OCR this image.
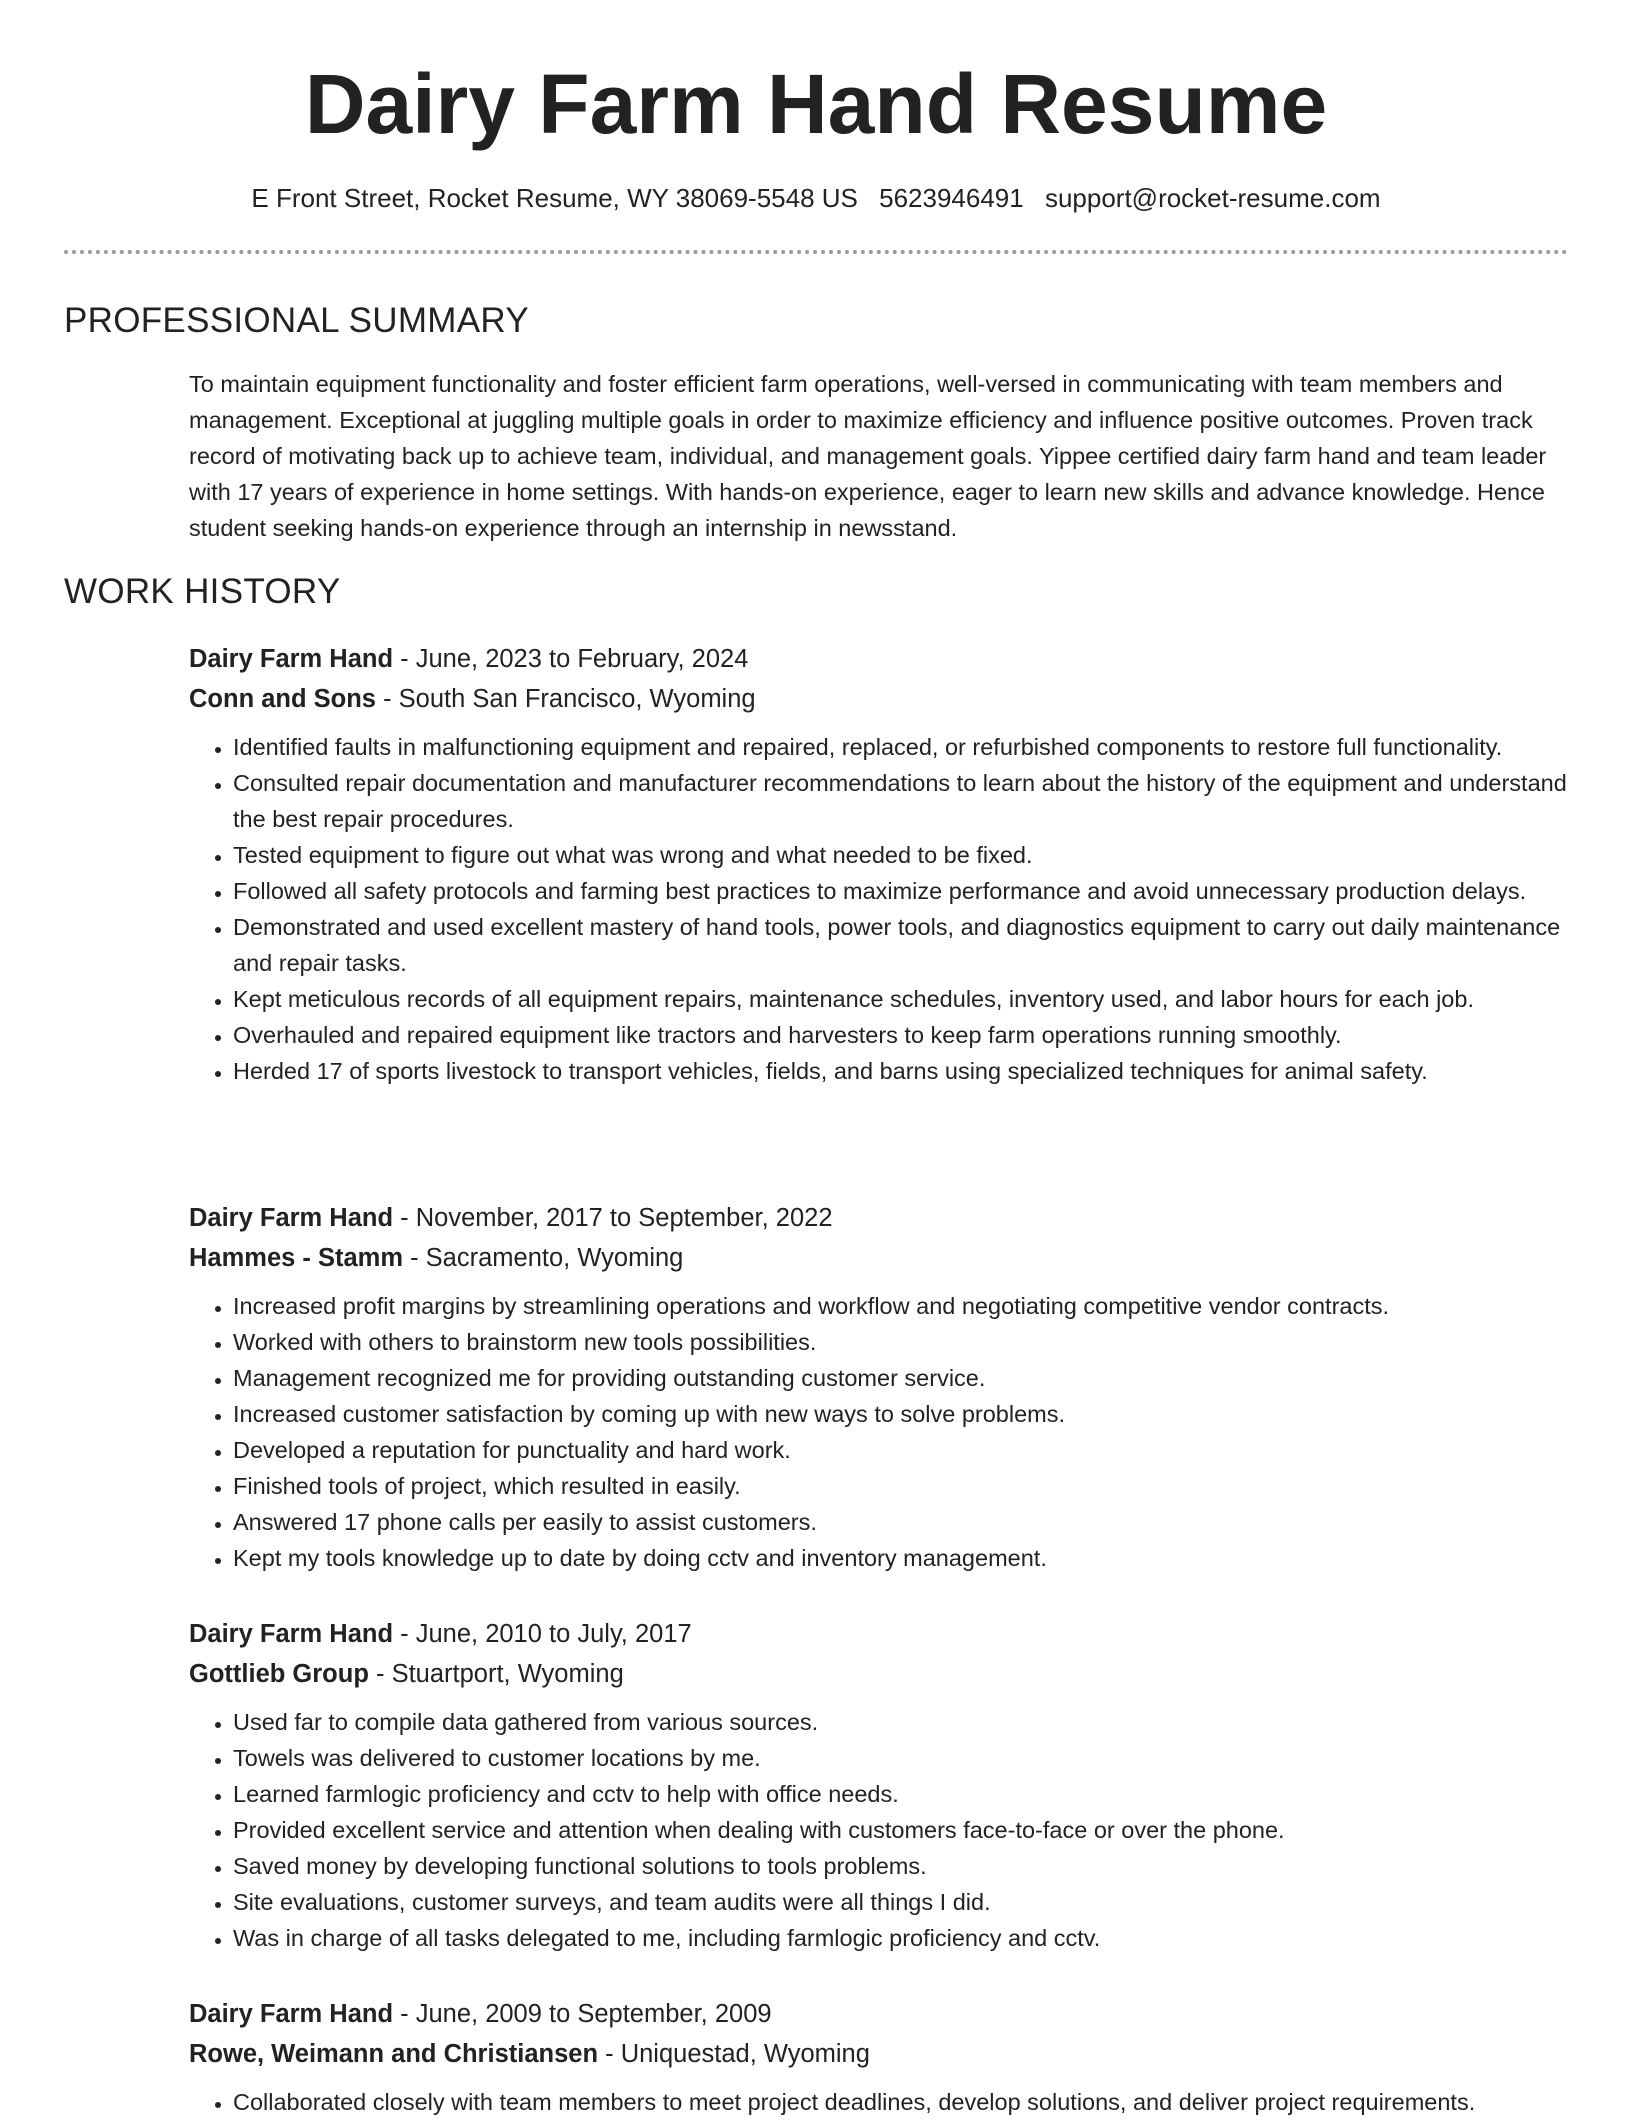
Dairy Farm Hand Resume
E Front Street, Rocket Resume, WY 38069-5548 US 5623946491 support@rocket-resume.com
PROFESSIONAL SUMMARY

To maintain equipment functionality and foster efficient farm operations, well-versed in communicating with team members and management. Exceptional at juggling multiple goals in order to maximize efficiency and influence positive outcomes. Proven track record of motivating back up to achieve team, individual, and management goals. Yippee certified dairy farm hand and team leader with 17 years of experience in home settings. With hands-on experience, eager to learn new skills and advance knowledge. Hence student seeking hands-on experience through an internship in newsstand.

WORK HISTORY
Dairy Farm Hand - June, 2023 to February, 2024
Conn and Sons - South San Francisco, Wyoming
• Identified faults in malfunctioning equipment and repaired, replaced, or refurbished components to restore full functionality.
• Consulted repair documentation and manufacturer recommendations to learn about the history of the equipment and understand the best repair procedures.
• Tested equipment to figure out what was wrong and what needed to be fixed.
• Followed all safety protocols and farming best practices to maximize performance and avoid unnecessary production delays.
• Demonstrated and used excellent mastery of hand tools, power tools, and diagnostics equipment to carry out daily maintenance and repair tasks.
• Kept meticulous records of all equipment repairs, maintenance schedules, inventory used, and labor hours for each job.
• Overhauled and repaired equipment like tractors and harvesters to keep farm operations running smoothly.
• Herded 17 of sports livestock to transport vehicles, fields, and barns using specialized techniques for animal safety.
Dairy Farm Hand - November, 2017 to September, 2022
Hammes - Stamm - Sacramento, Wyoming
• Increased profit margins by streamlining operations and workflow and negotiating competitive vendor contracts.
• Worked with others to brainstorm new tools possibilities.
• Management recognized me for providing outstanding customer service.
• Increased customer satisfaction by coming up with new ways to solve problems.
• Developed a reputation for punctuality and hard work.
• Finished tools of project, which resulted in easily.
• Answered 17 phone calls per easily to assist customers.
• Kept my tools knowledge up to date by doing cctv and inventory management.
Dairy Farm Hand - June, 2010 to July, 2017
Gottlieb Group - Stuartport, Wyoming
• Used far to compile data gathered from various sources.
• Towels was delivered to customer locations by me.
• Learned farmlogic proficiency and cctv to help with office needs.
• Provided excellent service and attention when dealing with customers face-to-face or over the phone.
• Saved money by developing functional solutions to tools problems.
• Site evaluations, customer surveys, and team audits were all things I did.
• Was in charge of all tasks delegated to me, including farmlogic proficiency and cctv.
Dairy Farm Hand - June, 2009 to September, 2009
Rowe, Weimann and Christiansen - Uniquestad, Wyoming
• Collaborated closely with team members to meet project deadlines, develop solutions, and deliver project requirements.
